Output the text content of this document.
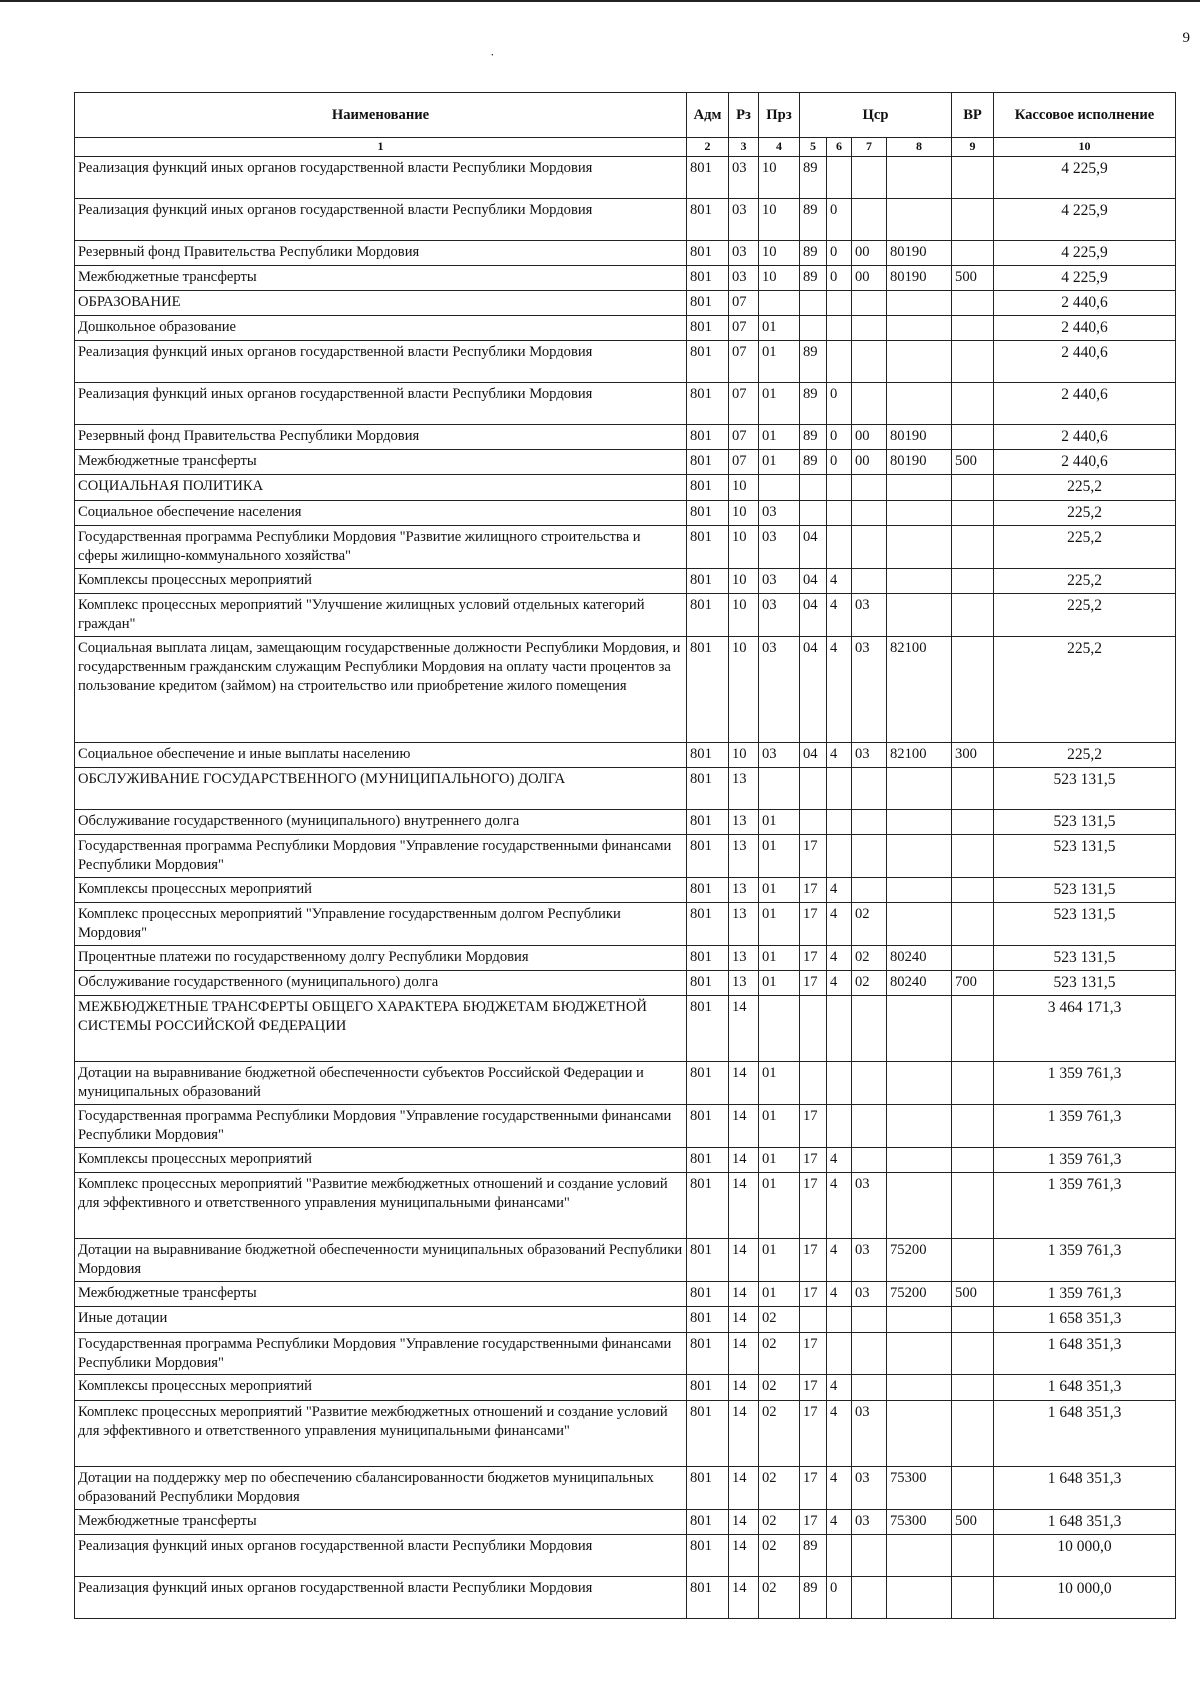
9
˙
Наименование	Адм	Рз	Прз	Цср				ВР	Кассовое исполнение
1	2	3	4	5	6	7	8	9	10
Реализация функций иных органов государственной власти Республики Мордовия	801	03	10	89					4 225,9
Реализация функций иных органов государственной власти Республики Мордовия	801	03	10	89	0				4 225,9
Резервный фонд Правительства Республики Мордовия	801	03	10	89	0	00	80190		4 225,9
Межбюджетные трансферты	801	03	10	89	0	00	80190	500	4 225,9
ОБРАЗОВАНИЕ	801	07							2 440,6
Дошкольное образование	801	07	01						2 440,6
Реализация функций иных органов государственной власти Республики Мордовия	801	07	01	89					2 440,6
Реализация функций иных органов государственной власти Республики Мордовия	801	07	01	89	0				2 440,6
Резервный фонд Правительства Республики Мордовия	801	07	01	89	0	00	80190		2 440,6
Межбюджетные трансферты	801	07	01	89	0	00	80190	500	2 440,6
СОЦИАЛЬНАЯ ПОЛИТИКА	801	10							225,2
Социальное обеспечение населения	801	10	03						225,2
Государственная программа Республики Мордовия "Развитие жилищного строительства и сферы жилищно-коммунального хозяйства"	801	10	03	04					225,2
Комплексы процессных мероприятий	801	10	03	04	4				225,2
Комплекс процессных мероприятий "Улучшение жилищных условий отдельных категорий граждан"	801	10	03	04	4	03			225,2
Социальная выплата лицам, замещающим государственные должности Республики Мордовия, и государственным гражданским служащим Республики Мордовия на оплату части процентов за пользование кредитом (займом) на строительство или приобретение жилого помещения	801	10	03	04	4	03	82100		225,2
Социальное обеспечение и иные выплаты населению	801	10	03	04	4	03	82100	300	225,2
ОБСЛУЖИВАНИЕ ГОСУДАРСТВЕННОГО (МУНИЦИПАЛЬНОГО) ДОЛГА	801	13							523 131,5
Обслуживание государственного (муниципального) внутреннего долга	801	13	01						523 131,5
Государственная программа Республики Мордовия "Управление государственными финансами Республики Мордовия"	801	13	01	17					523 131,5
Комплексы процессных мероприятий	801	13	01	17	4				523 131,5
Комплекс процессных мероприятий "Управление государственным долгом Республики Мордовия"	801	13	01	17	4	02			523 131,5
Процентные платежи по государственному долгу Республики Мордовия	801	13	01	17	4	02	80240		523 131,5
Обслуживание государственного (муниципального) долга	801	13	01	17	4	02	80240	700	523 131,5
МЕЖБЮДЖЕТНЫЕ ТРАНСФЕРТЫ ОБЩЕГО ХАРАКТЕРА БЮДЖЕТАМ БЮДЖЕТНОЙ СИСТЕМЫ РОССИЙСКОЙ ФЕДЕРАЦИИ	801	14							3 464 171,3
Дотации на выравнивание бюджетной обеспеченности субъектов Российской Федерации и муниципальных образований	801	14	01						1 359 761,3
Государственная программа Республики Мордовия "Управление государственными финансами Республики Мордовия"	801	14	01	17					1 359 761,3
Комплексы процессных мероприятий	801	14	01	17	4				1 359 761,3
Комплекс процессных мероприятий "Развитие межбюджетных отношений и создание условий для эффективного и ответственного управления муниципальными финансами"	801	14	01	17	4	03			1 359 761,3
Дотации на выравнивание бюджетной обеспеченности муниципальных образований Республики Мордовия	801	14	01	17	4	03	75200		1 359 761,3
Межбюджетные трансферты	801	14	01	17	4	03	75200	500	1 359 761,3
Иные дотации	801	14	02						1 658 351,3
Государственная программа Республики Мордовия "Управление государственными финансами Республики Мордовия"	801	14	02	17					1 648 351,3
Комплексы процессных мероприятий	801	14	02	17	4				1 648 351,3
Комплекс процессных мероприятий "Развитие межбюджетных отношений и создание условий для эффективного и ответственного управления муниципальными финансами"	801	14	02	17	4	03			1 648 351,3
Дотации на поддержку мер по обеспечению сбалансированности бюджетов муниципальных образований Республики Мордовия	801	14	02	17	4	03	75300		1 648 351,3
Межбюджетные трансферты	801	14	02	17	4	03	75300	500	1 648 351,3
Реализация функций иных органов государственной власти Республики Мордовия	801	14	02	89					10 000,0
Реализация функций иных органов государственной власти Республики Мордовия	801	14	02	89	0				10 000,0
